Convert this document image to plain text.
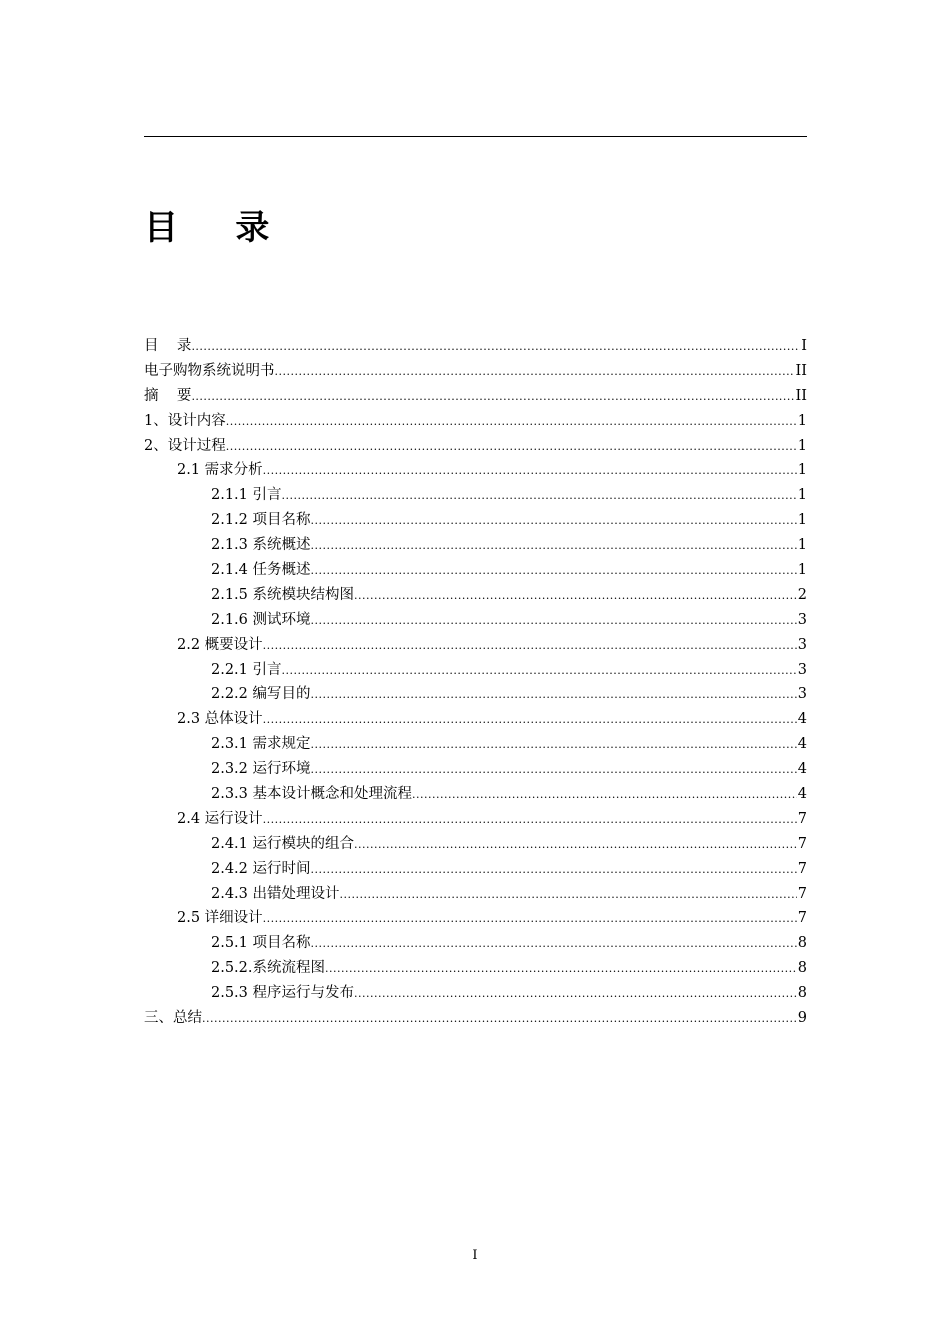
目    录
目    录 .....	I
电子购物系统说明书 .....	II
摘    要 .....	II
1、设计内容 .....	1
2、设计过程 .....	1
2.1 需求分析 .....	1
2.1.1 引言 .....	1
2.1.2 项目名称 .....	1
2.1.3 系统概述 .....	1
2.1.4 任务概述 .....	1
2.1.5 系统模块结构图 .....	2
2.1.6 测试环境 .....	3
2.2 概要设计 .....	3
2.2.1 引言 .....	3
2.2.2 编写目的 .....	3
2.3 总体设计 .....	4
2.3.1 需求规定 .....	4
2.3.2 运行环境 .....	4
2.3.3 基本设计概念和处理流程 .....	4
2.4 运行设计 .....	7
2.4.1 运行模块的组合 .....	7
2.4.2 运行时间 .....	7
2.4.3 出错处理设计 .....	7
2.5 详细设计 .....	7
2.5.1 项目名称 .....	8
2.5.2.系统流程图 .....	8
2.5.3 程序运行与发布 .....	8
三、总结 .....	9
I
